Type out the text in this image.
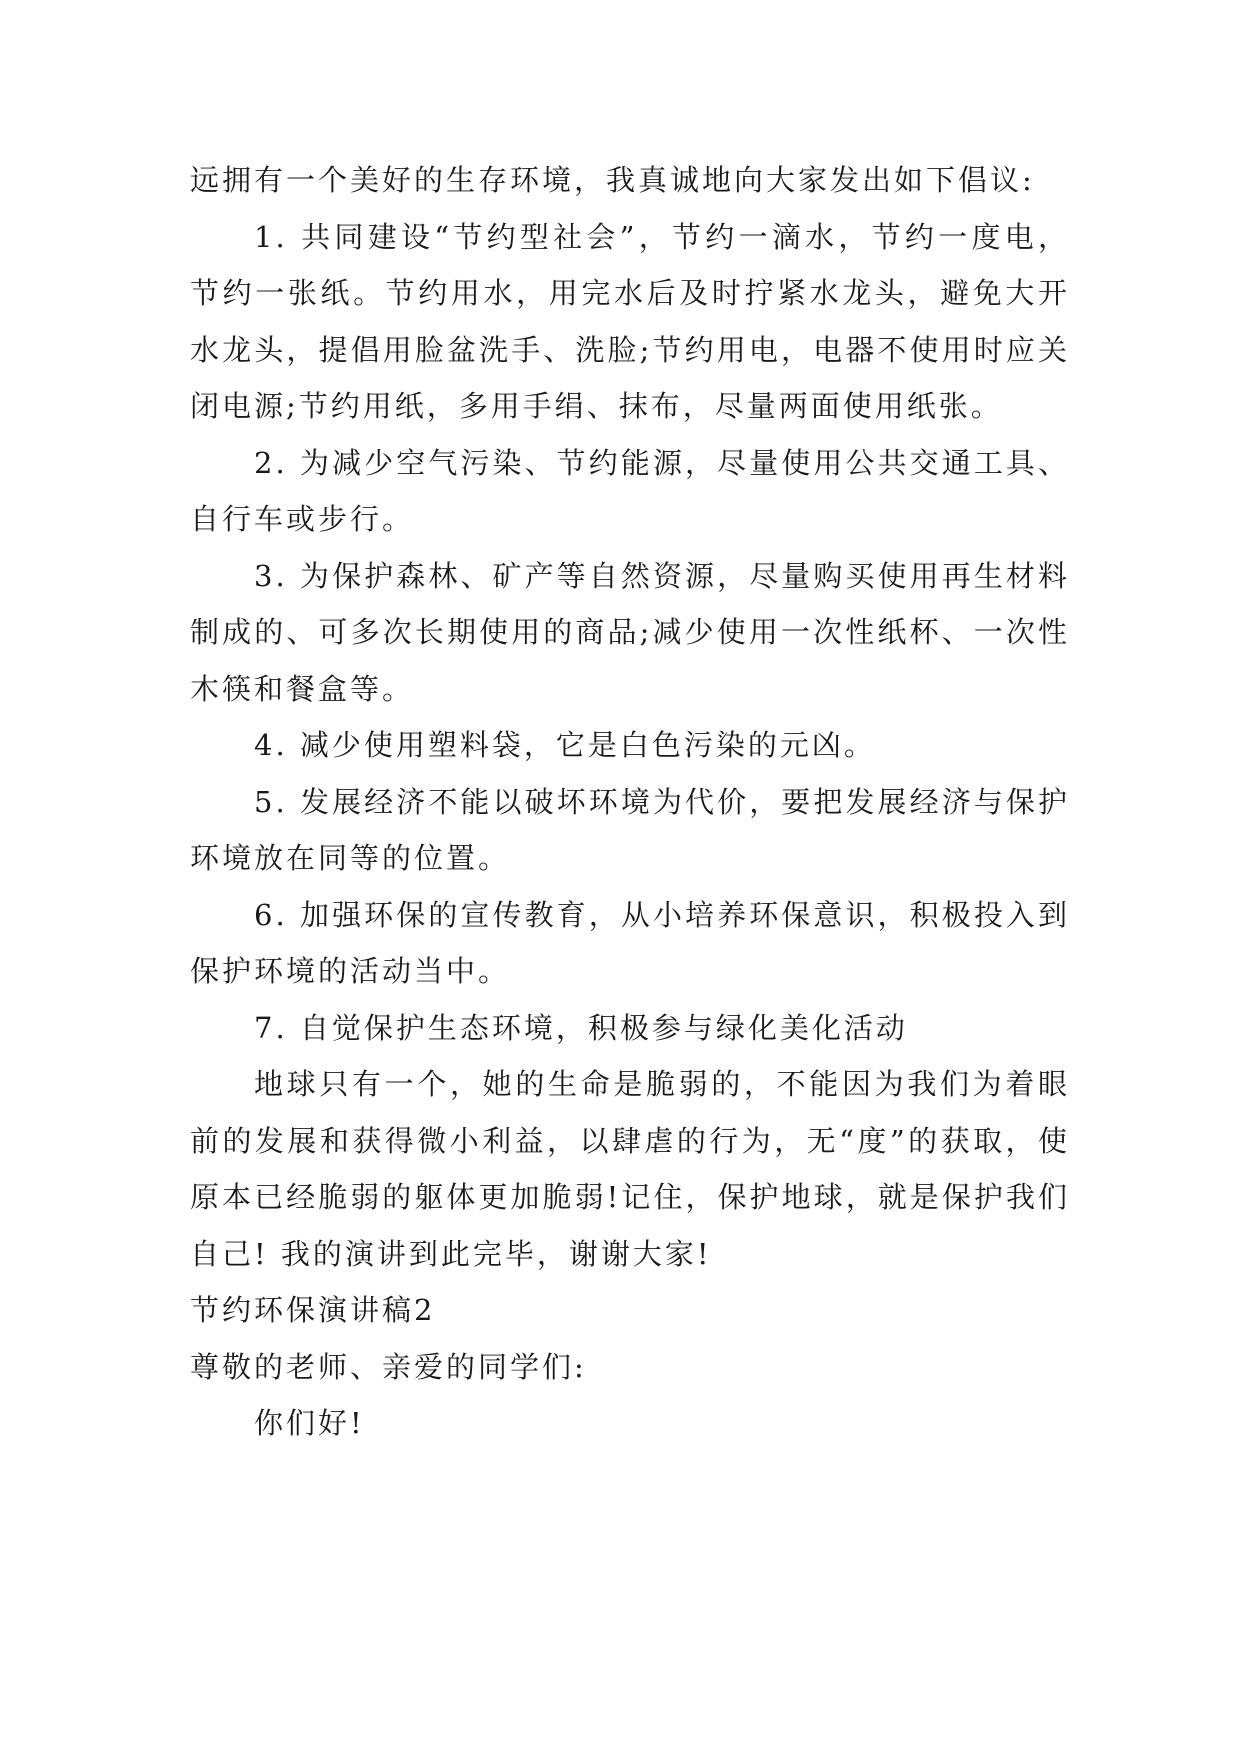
远拥有一个美好的生存环境，我真诚地向大家发出如下倡议:

1. 共同建设“节约型社会”，节约一滴水，节约一度电，节约一张纸。节约用水，用完水后及时拧紧水龙头，避免大开水龙头，提倡用脸盆洗手、洗脸;节约用电，电器不使用时应关闭电源;节约用纸，多用手绢、抹布，尽量两面使用纸张。

2. 为减少空气污染、节约能源，尽量使用公共交通工具、自行车或步行。

3. 为保护森林、矿产等自然资源，尽量购买使用再生材料制成的、可多次长期使用的商品;减少使用一次性纸杯、一次性木筷和餐盒等。

4. 减少使用塑料袋，它是白色污染的元凶。

5. 发展经济不能以破坏环境为代价，要把发展经济与保护环境放在同等的位置。

6. 加强环保的宣传教育，从小培养环保意识，积极投入到保护环境的活动当中。

7. 自觉保护生态环境，积极参与绿化美化活动

地球只有一个，她的生命是脆弱的，不能因为我们为着眼前的发展和获得微小利益，以肆虐的行为，无“度”的获取，使原本已经脆弱的躯体更加脆弱!记住，保护地球，就是保护我们自己! 我的演讲到此完毕，谢谢大家!

节约环保演讲稿2

尊敬的老师、亲爱的同学们:

你们好!
